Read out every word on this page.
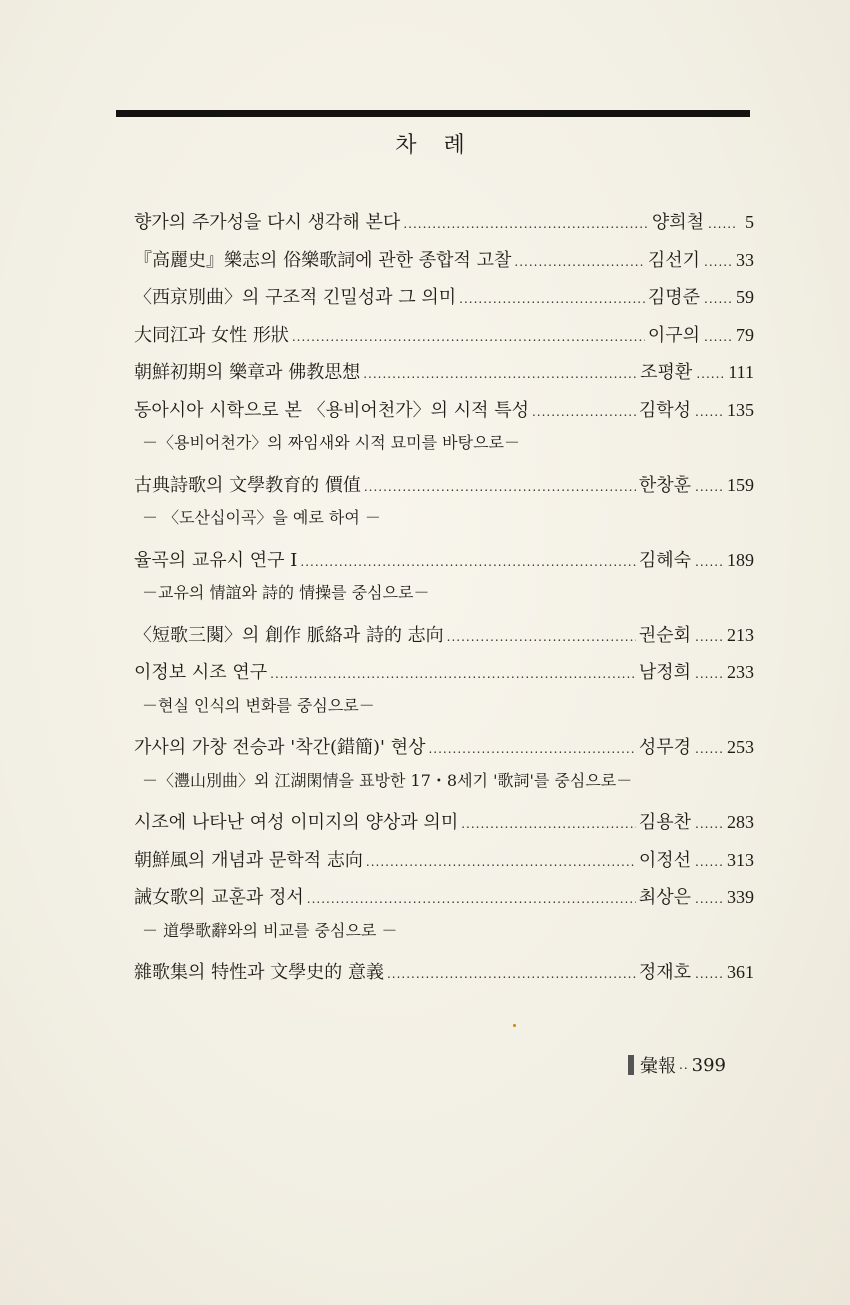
차 례
향가의 주가성을 다시 생각해 본다 .....	양희철 ........ 5
『高麗史』樂志의 俗樂歌詞에 관한 종합적 고찰 .....	김선기 ........ 33
〈西京別曲〉의 구조적 긴밀성과 그 의미 .....	김명준 ........ 59
大同江과 女性 形狀 .....	이구의 ........ 79
朝鮮初期의 樂章과 佛教思想 .....	조평환 ........ 111
동아시아 시학으로 본 〈용비어천가〉의 시적 특성 .....	김학성 ........ 135
－〈용비어천가〉의 짜임새와 시적 묘미를 바탕으로－
古典詩歌의 文學教育的 價值 .....	한창훈 ........ 159
－ 〈도산십이곡〉을 예로 하여 －
율곡의 교유시 연구 I .....	김혜숙 ........ 189
－교유의 情誼와 詩的 情操를 중심으로－
〈短歌三闋〉의 創作 脈絡과 詩的 志向 .....	권순회 ........ 213
이정보 시조 연구 .....	남정희 ........ 233
－현실 인식의 변화를 중심으로－
가사의 가창 전승과 '착간(錯簡)' 현상 .....	성무경 ........ 253
－〈灃山別曲〉외 江湖閑情을 표방한 17・8세기 '歌詞'를 중심으로－
시조에 나타난 여성 이미지의 양상과 의미 .....	김용찬 ........ 283
朝鮮風의 개념과 문학적 志向 .....	이정선 ........ 313
誡女歌의 교훈과 정서 .....	최상은 ........ 339
－ 道學歌辭와의 비교를 중심으로 －
雜歌集의 特性과 文學史的 意義 .....	정재호 ........ 361
彙報 .. 399
